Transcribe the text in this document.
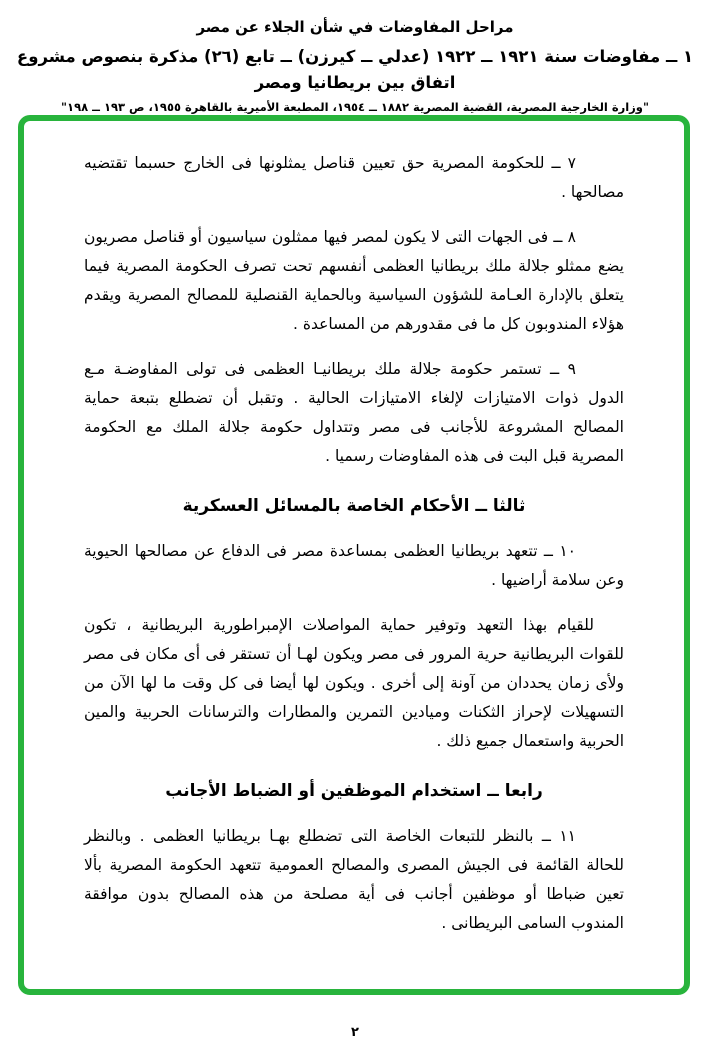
مراحل المفاوضات في شأن الجلاء عن مصر
١ ــ مفاوضات سنة ١٩٢١ ــ ١٩٢٢ (عدلي ــ كيرزن) ــ تابع (٢٦) مذكرة بنصوص مشروع اتفاق بين بريطانيا ومصر
"وزارة الخارجية المصرية، القضية المصرية ١٨٨٢ ــ ١٩٥٤، المطبعة الأميرية بالقاهرة ١٩٥٥، ص ١٩٣ ــ ١٩٨"

٧ ــ للحكومة المصرية حق تعيين قناصل يمثلونها فى الخارج حسبما تقتضيه مصالحها .

٨ ــ فى الجهات التى لا يكون لمصر فيها ممثلون سياسيون أو قناصل مصريون يضع ممثلو جلالة ملك بريطانيا العظمى أنفسهم تحت تصرف الحكومة المصرية فيما يتعلق بالإدارة العـامة للشؤون السياسية وبالحماية القنصلية للمصالح المصرية ويقدم هؤلاء المندوبون كل ما فى مقدورهم من المساعدة .

٩ ــ تستمر حكومة جلالة ملك بريطانيـا العظمى فى تولى المفاوضـة مـع الدول ذوات الامتيازات لإلغاء الامتيازات الحالية . وتقبل أن تضطلع بتبعة حماية المصالح المشروعة للأجانب فى مصر وتتداول حكومة جلالة الملك مع الحكومة المصرية قبل البت فى هذه المفاوضات رسميا .

ثالثا ــ الأحكام الخاصة بالمسائل العسكرية

١٠ ــ تتعهد بريطانيا العظمى بمساعدة مصر فى الدفاع عن مصالحها الحيوية وعن سلامة أراضيها .

للقيام بهذا التعهد وتوفير حماية المواصلات الإمبراطورية البريطانية ، تكون للقوات البريطانية حرية المرور فى مصر ويكون لهـا أن تستقر فى أى مكان فى مصر ولأى زمان يحددان من آونة إلى أخرى . ويكون لها أيضا فى كل وقت ما لها الآن من التسهيلات لإحراز الثكنات وميادين التمرين والمطارات والترسانات الحربية والمين الحربية واستعمال جميع ذلك .

رابعا ــ استخدام الموظفين أو الضباط الأجانب

١١ ــ بالنظر للتبعات الخاصة التى تضطلع بهـا بريطانيا العظمى . وبالنظر للحالة القائمة فى الجيش المصرى والمصالح العمومية تتعهد الحكومة المصرية بألا تعين ضباطا أو موظفين أجانب فى أية مصلحة من هذه المصالح بدون موافقة المندوب السامى البريطانى .

٢
